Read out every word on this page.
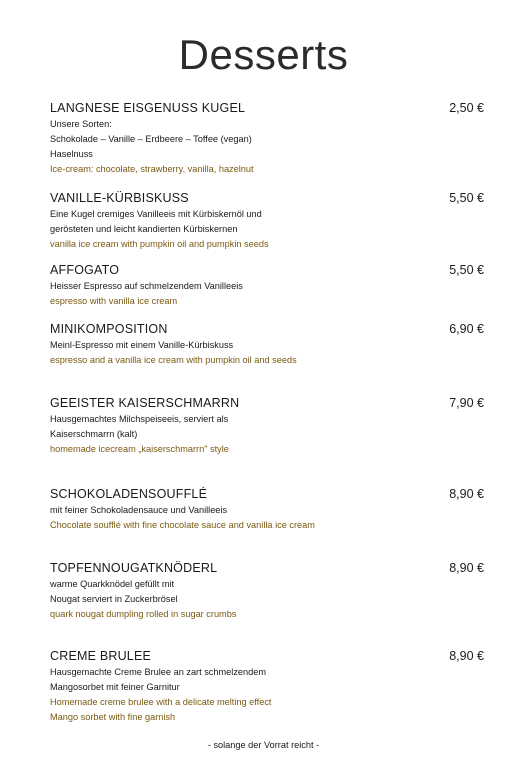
Desserts
LANGNESE EISGENUSS KUGEL	2,50 €
Unsere Sorten:
Schokolade – Vanille – Erdbeere – Toffee (vegan)
Haselnuss
Ice-cream: chocolate, strawberry, vanilla, hazelnut
VANILLE-KÜRBISKUSS	5,50 €
Eine Kugel cremiges Vanilleeis mit Kürbiskernöl und
gerösteten und leicht kandierten Kürbiskernen
vanilla ice cream with pumpkin oil and pumpkin seeds
AFFOGATO	5,50 €
Heisser Espresso auf schmelzendem Vanilleeis
espresso with vanilla ice cream
MINIKOMPOSITION	6,90 €
Meinl-Espresso mit einem Vanille-Kürbiskuss
espresso and a vanilla ice cream with pumpkin oil and seeds
GEEISTER KAISERSCHMARRN	7,90 €
Hausgemachtes Milchspeiseeis, serviert als
Kaiserschmarrn (kalt)
homemade icecream „kaiserschmarrn" style
SCHOKOLADENSOUFFLÉ	8,90 €
mit feiner Schokoladensauce und Vanilleeis
Chocolate soufflé with fine chocolate sauce and vanilla ice cream
TOPFENNOUGATKNÖDERL	8,90 €
warme Quarkknödel gefüllt mit
Nougat serviert in Zuckerbrösel
quark nougat dumpling rolled in sugar crumbs
CREME BRULEE	8,90 €
Hausgemachte Creme Brulee an zart schmelzendem
Mangosorbet mit feiner Garnitur
Homemade creme brulee with a delicate melting effect
Mango sorbet with fine garnish
- solange der Vorrat reicht -
